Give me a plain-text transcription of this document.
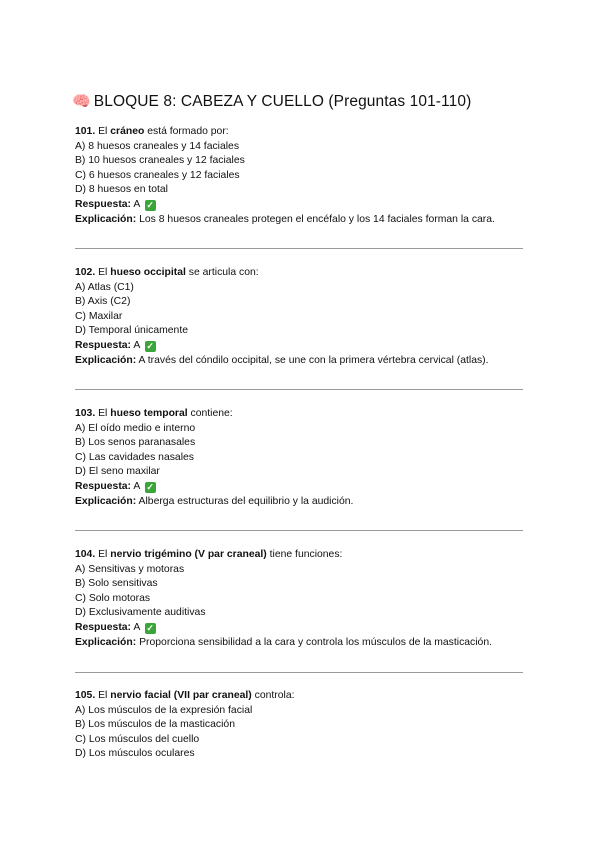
🧠 BLOQUE 8: CABEZA Y CUELLO (Preguntas 101-110)
101. El cráneo está formado por:
A) 8 huesos craneales y 14 faciales
B) 10 huesos craneales y 12 faciales
C) 6 huesos craneales y 12 faciales
D) 8 huesos en total
Respuesta: A ✓
Explicación: Los 8 huesos craneales protegen el encéfalo y los 14 faciales forman la cara.
102. El hueso occipital se articula con:
A) Atlas (C1)
B) Axis (C2)
C) Maxilar
D) Temporal únicamente
Respuesta: A ✓
Explicación: A través del cóndilo occipital, se une con la primera vértebra cervical (atlas).
103. El hueso temporal contiene:
A) El oído medio e interno
B) Los senos paranasales
C) Las cavidades nasales
D) El seno maxilar
Respuesta: A ✓
Explicación: Alberga estructuras del equilibrio y la audición.
104. El nervio trigémino (V par craneal) tiene funciones:
A) Sensitivas y motoras
B) Solo sensitivas
C) Solo motoras
D) Exclusivamente auditivas
Respuesta: A ✓
Explicación: Proporciona sensibilidad a la cara y controla los músculos de la masticación.
105. El nervio facial (VII par craneal) controla:
A) Los músculos de la expresión facial
B) Los músculos de la masticación
C) Los músculos del cuello
D) Los músculos oculares
